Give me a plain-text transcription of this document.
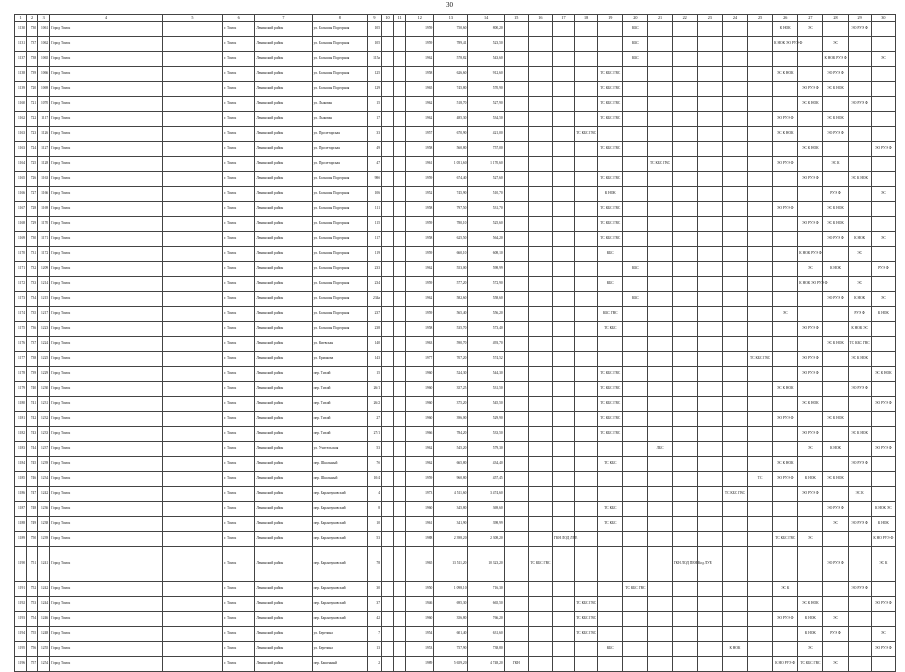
30
1	2	3	4	5	6	7	8	9	10	11	12	13	14	15	16	17	18	19	20	21	22	23	24	25	26	27	28	29	30
1130	730	1061	Город Томск		г. Томск	Ленинский район	ул. Большая Подгорная	105			1959	750,60	800,20						КБС						К НОК	ЭС		ЭО РУЭ Ф	
1131	737	1062	Город Томск		г. Томск	Ленинский район	ул. Большая Подгорная	105			1959	789,41	523,50						КБС						К НОК ЭО РУЭ Ф		ЭС		
1137	738	1065	Город Томск		г. Томск	Ленинский район	ул. Большая Подгорная	115а			1962	578,82	543,60						КБС								К НОК РУЭ Ф		ЭС
1138	739	1066	Город Томск		г. Томск	Ленинский район	ул. Большая Подгорная	125			1958	626,60	912,60					ТС КБС ГВС							ЭС К НОК		ЭО РУЭ Ф		
1139	720	1069	Город Томск		г. Томск	Ленинский район	ул. Большая Подгорная	129			1965	745,80	570,90					ТС КБС ГВС								ЭО РУЭ Ф	ЭС К НОК		
1160	721	1070	Город Томск		г. Томск	Ленинский район	ул. Лыковая	15			1962	518,70	527,90					ТС КБС ГВС								ЭС К НОК		ЭО РУЭ Ф	
1162	722	1117	Город Томск		г. Томск	Ленинский район	ул. Лыковая	17			1962	485,30	534,50					ТС КБС ГВС							ЭО РУЭ Ф		ЭС К НОК		
1163	723	1126	Город Томск		г. Томск	Ленинский район	ул. Пролетарская	33			1957	670,90	421,00				ТС КБС ГВС								ЭС К НОК		ЭО РУЭ Ф		
1163	724	1127	Город Томск		г. Томск	Ленинский район	ул. Пролетарская	49			1958	560,80	757,00					ТС КБС ГВС								ЭС К НОК			ЭО РУЭ Ф
1164	725	1128	Город Томск		г. Томск	Ленинский район	ул. Пролетарская	47			1961	1 051,60	1 170,60							ТС КБС ГВС					ЭО РУЭ Ф		ЭС К		
1165	726	1163	Город Томск		г. Томск	Ленинский район	ул. Большая Подгорная	98б			1959	674,40	527,60					ТС КБС ГВС								ЭО РУЭ Ф		ЭС К НОК	
1166	727	1166	Город Томск		г. Томск	Ленинский район	ул. Большая Подгорная	106			1952	745,90	510,70					К НОК									РУЭ Ф		ЭС
1167	728	1169	Город Томск		г. Томск	Ленинский район	ул. Большая Подгорная	111			1958	797,50	531,70					ТС КБС ГВС							ЭО РУЭ Ф		ЭС К НОК		
1168	729	1170	Город Томск		г. Томск	Ленинский район	ул. Большая Подгорная	115			1959	780,10	525,60					ТС КБС ГВС								ЭО РУЭ Ф	ЭС К НОК		
1169	730	1171	Город Томск		г. Томск	Ленинский район	ул. Большая Подгорная	117			1958	625,50	564,20					ТС КБС ГВС									ЭО РУЭ Ф	К НОК	ЭС
1170	731	1172	Город Томск		г. Томск	Ленинский район	ул. Большая Подгорная	119			1959	660,10	608,10					КБС								К НОК РУЭ Ф		ЭС	
1171	732	1209	Город Томск		г. Томск	Ленинский район	ул. Большая Подгорная	233			1962	553,00	598,99						КБС							ЭС	К НОК		РУЭ Ф
1172	733	1214	Город Томск		г. Томск	Ленинский район	ул. Большая Подгорная	234			1959	577,20	572,90					КБС								К НОК ЭО РУЭ Ф		ЭС	
1173	734	1215	Город Томск		г. Томск	Ленинский район	ул. Большая Подгорная	234а			1962	582,60	558,60						КБС								ЭО РУЭ Ф	К НОК	ЭС
1174	735	1217	Город Томск		г. Томск	Ленинский район	ул. Большая Подгорная	237			1959	565,40	556,20					КБС ГВС							ЭС			РУЭ Ф	К НОК
1175	736	1223	Город Томск		г. Томск	Ленинский район	ул. Большая Подгорная	238			1958	535,70	573,40					ТС КБС								ЭО РУЭ Ф		К НОК ЭС	
1176	737	1224	Город Томск		г. Томск	Ленинский район	ул. Киевская	140			1963	590,70	493,70														ЭС К НОК	ТС КБС ГВС	
1177	738	1225	Город Томск		г. Томск	Ленинский район	ул. Ермакова	143			1977	707,20	574,52											ТС КБС ГВС		ЭО РУЭ Ф		ЭС К НОК	
1178	739	1229	Город Томск		г. Томск	Ленинский район	пер. Тихий	15			1960	524,30	544,30					ТС КБС ГВС								ЭО РУЭ Ф			ЭС К НОК
1179	740	1230	Город Томск		г. Томск	Ленинский район	пер. Тихий	26/1			1960	357,25	531,50					ТС КБС ГВС							ЭС К НОК			ЭО РУЭ Ф	
1180	741	1231	Город Томск		г. Томск	Ленинский район	пер. Тихий	26/2			1960	375,20	545,50					ТС КБС ГВС								ЭС К НОК			ЭО РУЭ Ф
1181	742	1232	Город Томск		г. Томск	Ленинский район	пер. Тихий	27			1960	396,00	529,90					ТС КБС ГВС							ЭО РУЭ Ф		ЭС К НОК		
1182	743	1233	Город Томск		г. Томск	Ленинский район	пер. Тихий	27/1			1966	784,20	533,50					ТС КБС ГВС								ЭО РУЭ Ф		ЭС К НОК	
1183	744	1237	Город Томск		г. Томск	Ленинский район	ул. Учительская	53			1962	545,20	579,30							ЛБС						ЭС	К НОК		ЭО РУЭ Ф
1184	745	1239	Город Томск		г. Томск	Ленинский район	пер. Школьный	7б			1962	665,80	434,40					ТС КБС							ЭС К НОК			ЭО РУЭ Ф	
1185	746	1234	Город Томск		г. Томск	Ленинский район	пер. Школьный	10/4			1959	960,80	457,45											ТС	ЭО РУЭ Ф	К НОК	ЭС К НОК		
1186	747	1242	Город Томск		г. Томск	Ленинский район	пер. Баранчуковский	4			1973	4 511,60	3 474,60										ТС КБС ГВС			ЭО РУЭ Ф		ЭС К	
1187	748	1236	Город Томск		г. Томск	Ленинский район	пер. Баранчуковский	8			1960	345,80	369,60					ТС КБС									ЭО РУЭ Ф		К НОК ЭС
1188	749	1238	Город Томск		г. Томск	Ленинский район	пер. Баранчуковский	10			1961	341,90	398,99					ТС КБС									ЭС	ЭО РУЭ Ф	К НОК
1189	750	1239	Город Томск		г. Томск	Ленинский район	пер. Баранчуковский	53			1988	2 398,20	2 308,20			ГКН ЛОД ЛУЕ									ТС КБС ГВС	ЭС			К НО РУЭ Ф
1190	751	1241	Город Томск		г. Томск	Ленинский район	пер. Баранчуковский	78			1965	13 511,20	10 323,20		ТС КБС ГВС						ГКН ЛОД ПЕН Код ЛУЕ						ЭО РУЭ Ф		ЭС К
1191	752	1242	Город Томск		г. Томск	Ленинский район	пер. Баранчуковский	30			1950	1 098,10	716,30						ТС КБС ГВС						ЭС К			ЭО РУЭ Ф	
1192	753	1244	Город Томск		г. Томск	Ленинский район	пер. Баранчуковский	37			1946	695,30	665,50				ТС КБС ГВС									ЭС К НОК			ЭО РУЭ Ф
1193	754	1246	Город Томск		г. Томск	Ленинский район	пер. Баранчуковский	42			1960	356,80	766,20				ТС КБС ГВС								ЭО РУЭ Ф	К НОК	ЭС		
1194	755	1248	Город Томск		г. Томск	Ленинский район	ул. Березина	7			1954	601,40	631,60				ТС КБС ГВС									К НОК	РУЭ Ф		ЭС
1195	756	1255	Город Томск		г. Томск	Ленинский район	ул. Березина	13			1953	757,90	738,80					КБС					К НОК			ЭС			ЭО РУЭ Ф
1196	757	1254	Город Томск		г. Томск	Ленинский район	пер. Башенный	2			1989	5 659,20	4 748,20	ГКН											К НО РУЭ Ф	ТС КБС ГВС	ЭС		
